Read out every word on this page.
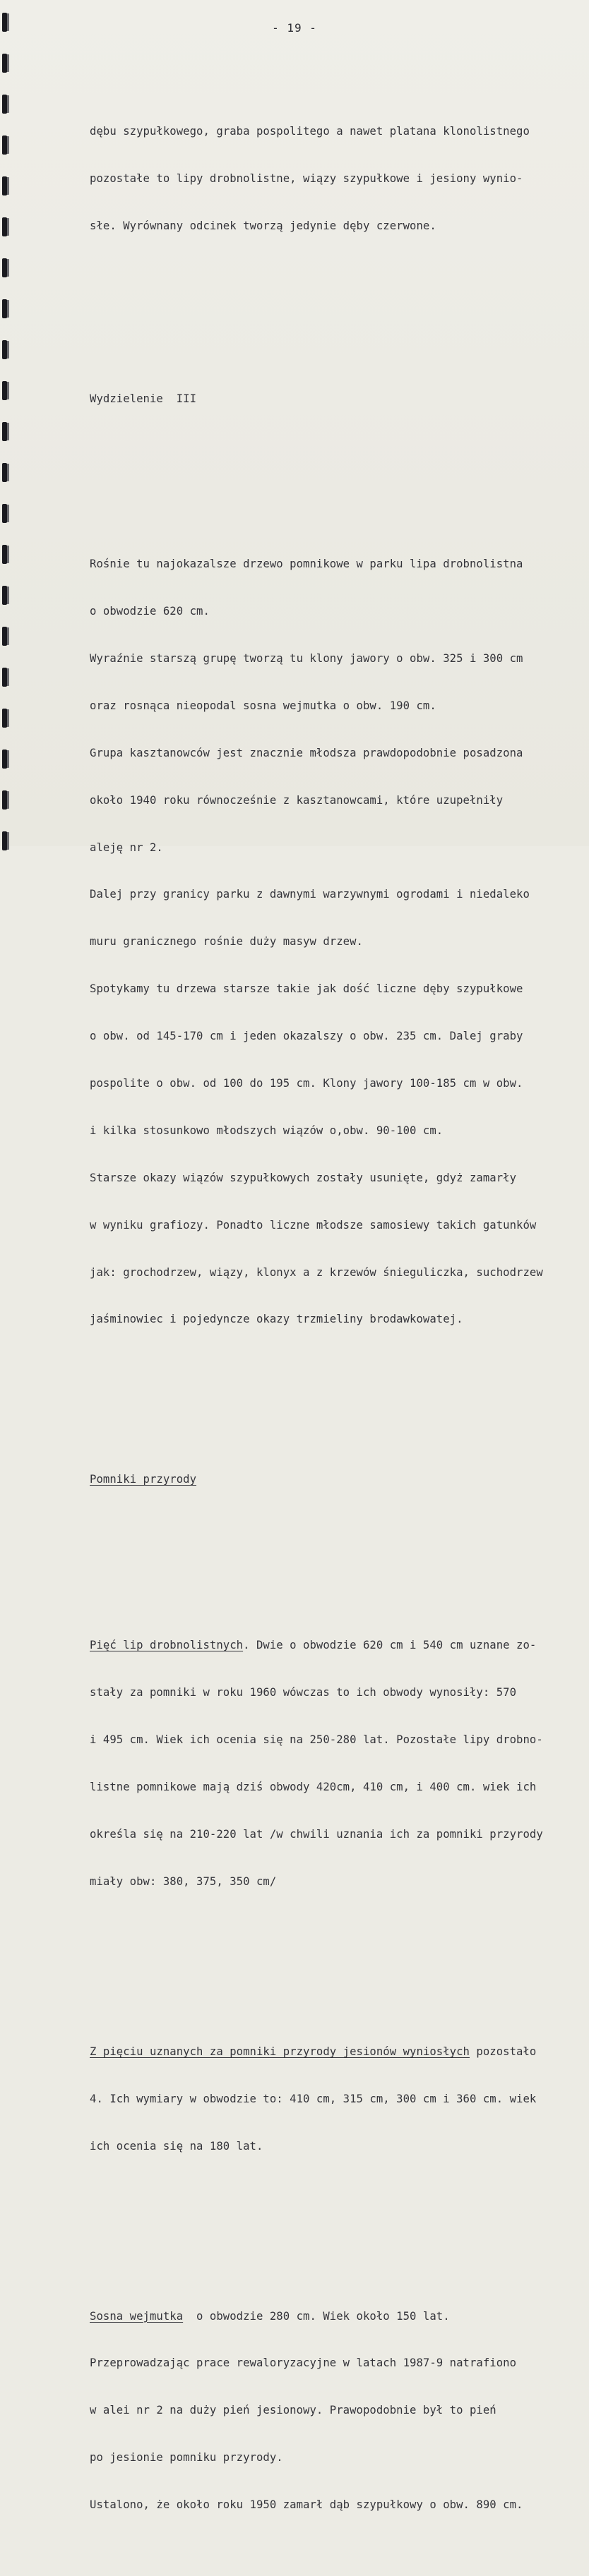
- 19 -

dębu szypułkowego, graba pospolitego a nawet platana klonolistnego

pozostałe to lipy drobnolistne, wiązy szypułkowe i jesiony wynio-

słe. Wyrównany odcinek tworzą jedynie dęby czerwone.

Wydzielenie  III

Rośnie tu najokazalsze drzewo pomnikowe w parku lipa drobnolistna

o obwodzie 620 cm.

Wyraźnie starszą grupę tworzą tu klony jawory o obw. 325 i 300 cm

oraz rosnąca nieopodal sosna wejmutka o obw. 190 cm.

Grupa kasztanowców jest znacznie młodsza prawdopodobnie posadzona

około 1940 roku równocześnie z kasztanowcami, które uzupełniły

aleję nr 2.

Dalej przy granicy parku z dawnymi warzywnymi ogrodami i niedaleko

muru granicznego rośnie duży masyw drzew.

Spotykamy tu drzewa starsze takie jak dość liczne dęby szypułkowe

o obw. od 145-170 cm i jeden okazalszy o obw. 235 cm. Dalej graby

pospolite o obw. od 100 do 195 cm. Klony jawory 100-185 cm w obw.

i kilka stosunkowo młodszych wiązów o,obw. 90-100 cm.

Starsze okazy wiązów szypułkowych zostały usunięte, gdyż zamarły

w wyniku grafiozy. Ponadto liczne młodsze samosiewy takich gatunków

jak: grochodrzew, wiązy, klonyx a z krzewów śnieguliczka, suchodrzew

jaśminowiec i pojedyncze okazy trzmieliny brodawkowatej.

Pomniki przyrody

Pięć lip drobnolistnych. Dwie o obwodzie 620 cm i 540 cm uznane zo-

stały za pomniki w roku 1960 wówczas to ich obwody wynosiły: 570

i 495 cm. Wiek ich ocenia się na 250-280 lat. Pozostałe lipy drobno-

listne pomnikowe mają dziś obwody 420cm, 410 cm, i 400 cm. wiek ich

określa się na 210-220 lat /w chwili uznania ich za pomniki przyrody

miały obw: 380, 375, 350 cm/

Z pięciu uznanych za pomniki przyrody jesionów wyniosłych pozostało

4. Ich wymiary w obwodzie to: 410 cm, 315 cm, 300 cm i 360 cm. wiek

ich ocenia się na 180 lat.

Sosna wejmutka  o obwodzie 280 cm. Wiek około 150 lat.

Przeprowadzając prace rewaloryzacyjne w latach 1987-9 natrafiono

w alei nr 2 na duży pień jesionowy. Prawopodobnie był to pień

po jesionie pomniku przyrody.

Ustalono, że około roku 1950 zamarł dąb szypułkowy o obw. 890 cm.
